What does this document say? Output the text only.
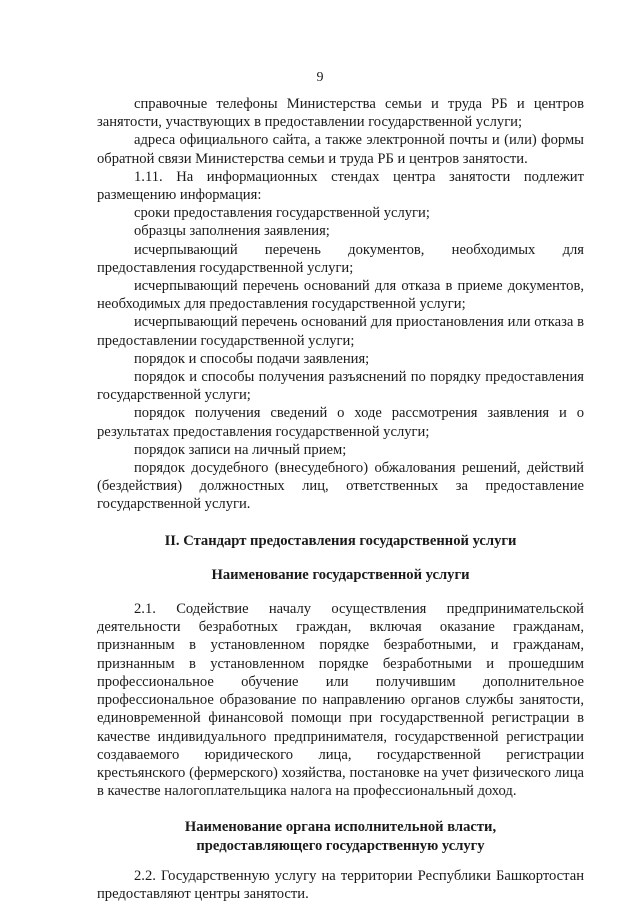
9

справочные телефоны Министерства семьи и труда РБ и центров занятости, участвующих в предоставлении государственной услуги;

адреса официального сайта, а также электронной почты и (или) формы обратной связи Министерства семьи и труда РБ и центров занятости.

1.11. На информационных стендах центра занятости подлежит размещению информация:

сроки предоставления государственной услуги;

образцы заполнения заявления;

исчерпывающий перечень документов, необходимых для предоставления государственной услуги;

исчерпывающий перечень оснований для отказа в приеме документов, необходимых для предоставления государственной услуги;

исчерпывающий перечень оснований для приостановления или отказа в предоставлении государственной услуги;

порядок и способы подачи заявления;

порядок и способы получения разъяснений по порядку предоставления государственной услуги;

порядок получения сведений о ходе рассмотрения заявления и о результатах предоставления государственной услуги;

порядок записи на личный прием;

порядок досудебного (внесудебного) обжалования решений, действий (бездействия) должностных лиц, ответственных за предоставление государственной услуги.

II. Стандарт предоставления государственной услуги

Наименование государственной услуги

2.1. Содействие началу осуществления предпринимательской деятельности безработных граждан, включая оказание гражданам, признанным в установленном порядке безработными, и гражданам, признанным в установленном порядке безработными и прошедшим профессиональное обучение или получившим дополнительное профессиональное образование по направлению органов службы занятости, единовременной финансовой помощи при государственной регистрации в качестве индивидуального предпринимателя, государственной регистрации создаваемого юридического лица, государственной регистрации крестьянского (фермерского) хозяйства, постановке на учет физического лица в качестве налогоплательщика налога на профессиональный доход.

Наименование органа исполнительной власти,

предоставляющего государственную услугу

2.2. Государственную услугу на территории Республики Башкортостан предоставляют центры занятости.
